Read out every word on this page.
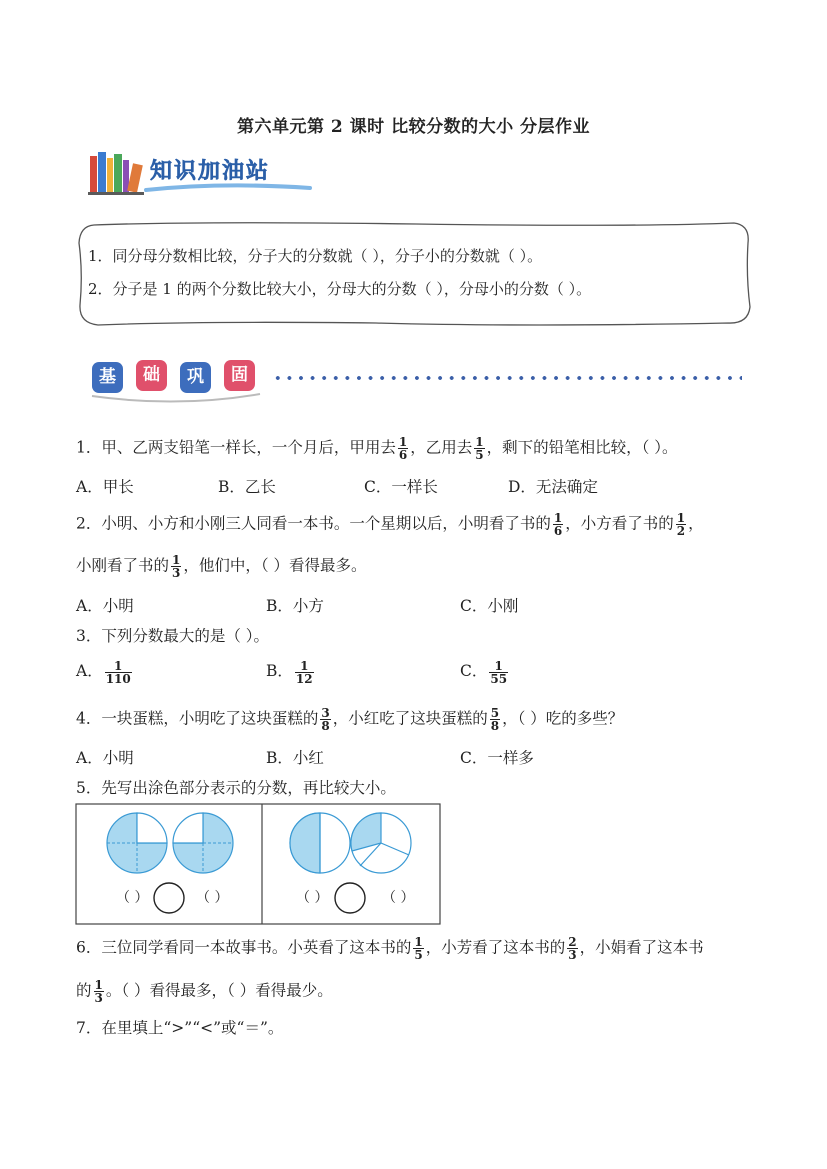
第六单元第 2 课时 比较分数的大小 分层作业
知识加油站
1．同分母分数相比较，分子大的分数就（ ），分子小的分数就（ ）。
2．分子是 1 的两个分数比较大小，分母大的分数（ ），分母小的分数（ ）。
基	础	巩	固
1．甲、乙两支铅笔一样长，一个月后，甲用去 $\frac{1}{6}$ ，乙用去 $\frac{1}{5}$ ，剩下的铅笔相比较，（ ）。
A．甲长	B．乙长	C．一样长	D．无法确定
2．小明、小方和小刚三人同看一本书。一个星期以后，小明看了书的 $\frac{1}{6}$ ，小方看了书的 $\frac{1}{2}$ ，
小刚看了书的 $\frac{1}{3}$ ，他们中，（ ）看得最多。
A．小明	B．小方	C．小刚
3．下列分数最大的是（ ）。
A． $\frac{1}{110}$	B． $\frac{1}{12}$	C． $\frac{1}{55}$
4．一块蛋糕，小明吃了这块蛋糕的 $\frac{3}{8}$ ，小红吃了这块蛋糕的 $\frac{5}{8}$ ，（ ）吃的多些？
A．小明	B．小红	C．一样多
5．先写出涂色部分表示的分数，再比较大小。
（ ）	（ ）	（ ）	（ ）
6．三位同学看同一本故事书。小英看了这本书的 $\frac{1}{5}$ ，小芳看了这本书的 $\frac{2}{3}$ ，小娟看了这本书
的 $\frac{1}{3}$ 。（ ）看得最多，（ ）看得最少。
7．在里填上“>”“<”或“＝”。
